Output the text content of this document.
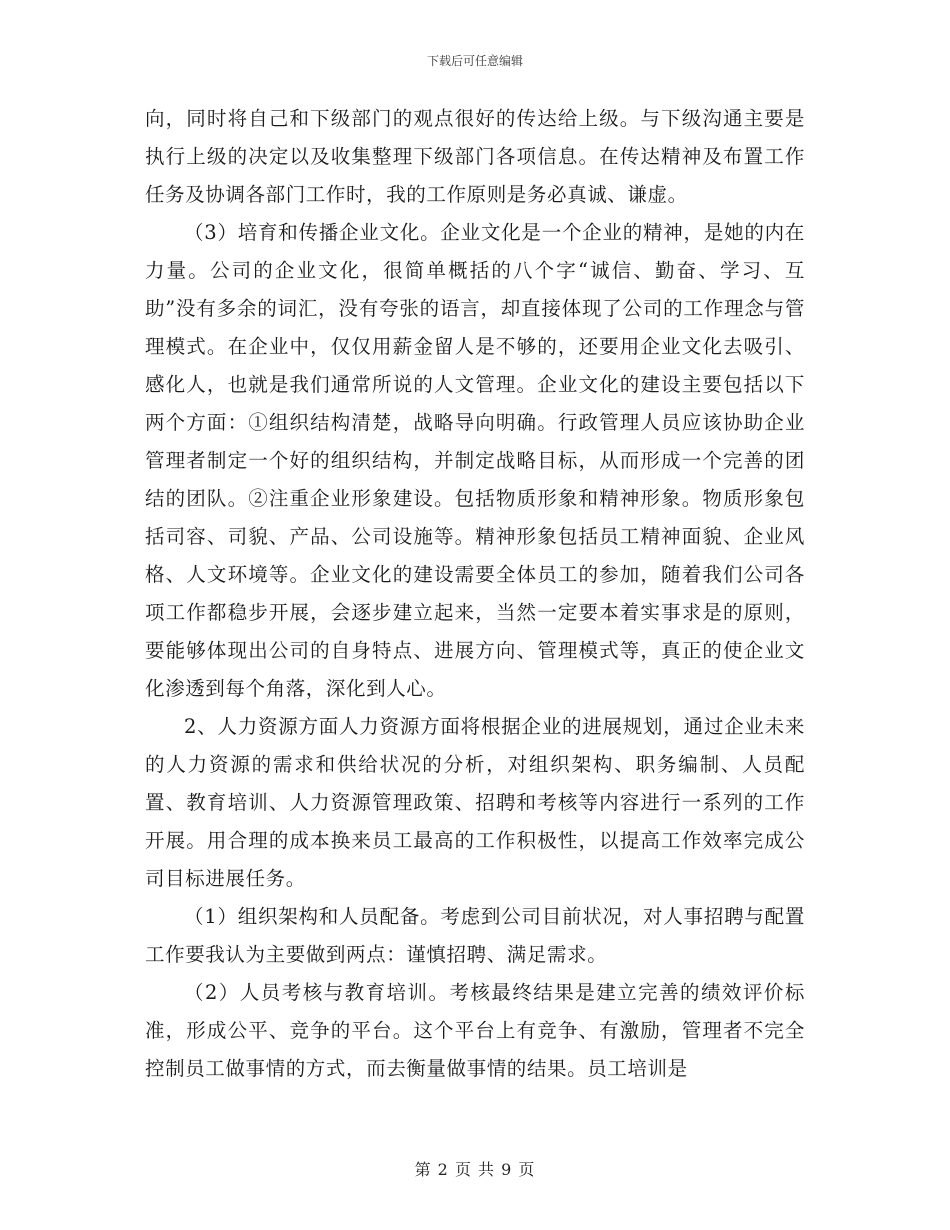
下载后可任意编辑

向，同时将自己和下级部门的观点很好的传达给上级。与下级沟通主要是执行上级的决定以及收集整理下级部门各项信息。在传达精神及布置工作任务及协调各部门工作时，我的工作原则是务必真诚、谦虚。

（3）培育和传播企业文化。企业文化是一个企业的精神，是她的内在力量。公司的企业文化，很简单概括的八个字“诚信、勤奋、学习、互助”没有多余的词汇，没有夸张的语言，却直接体现了公司的工作理念与管理模式。在企业中，仅仅用薪金留人是不够的，还要用企业文化去吸引、感化人，也就是我们通常所说的人文管理。企业文化的建设主要包括以下两个方面：①组织结构清楚，战略导向明确。行政管理人员应该协助企业管理者制定一个好的组织结构，并制定战略目标，从而形成一个完善的团结的团队。②注重企业形象建设。包括物质形象和精神形象。物质形象包括司容、司貌、产品、公司设施等。精神形象包括员工精神面貌、企业风格、人文环境等。企业文化的建设需要全体员工的参加，随着我们公司各项工作都稳步开展，会逐步建立起来，当然一定要本着实事求是的原则，要能够体现出公司的自身特点、进展方向、管理模式等，真正的使企业文化渗透到每个角落，深化到人心。

2、人力资源方面人力资源方面将根据企业的进展规划，通过企业未来的人力资源的需求和供给状况的分析，对组织架构、职务编制、人员配置、教育培训、人力资源管理政策、招聘和考核等内容进行一系列的工作开展。用合理的成本换来员工最高的工作积极性，以提高工作效率完成公司目标进展任务。

（1）组织架构和人员配备。考虑到公司目前状况，对人事招聘与配置工作要我认为主要做到两点：谨慎招聘、满足需求。

（2）人员考核与教育培训。考核最终结果是建立完善的绩效评价标准，形成公平、竞争的平台。这个平台上有竞争、有激励，管理者不完全控制员工做事情的方式，而去衡量做事情的结果。员工培训是

第 2 页 共 9 页
